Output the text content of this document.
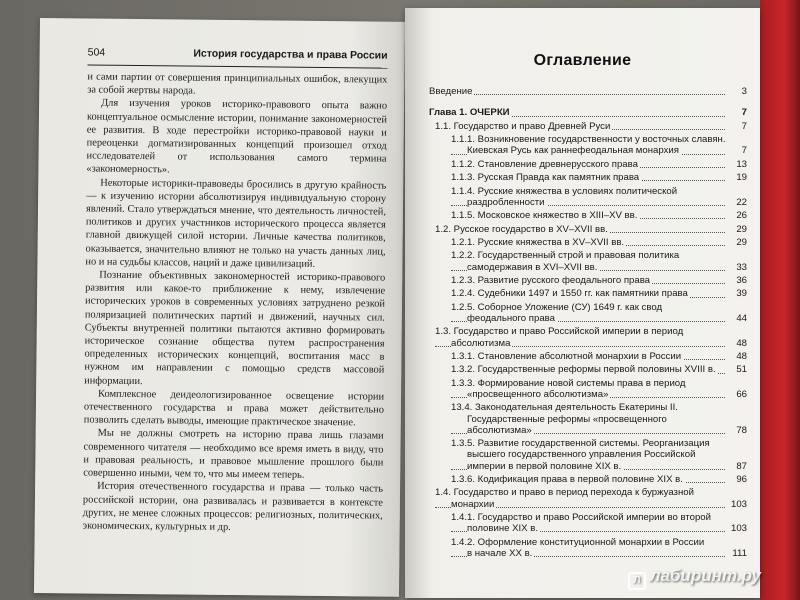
504	История государства и права России

и сами партии от совершения принципиальных ошибок, влекущих за собой жертвы народа.

Для изучения уроков историко-правового опыта важно концептуальное осмысление истории, понимание закономерностей ее развития. В ходе перестройки историко-правовой науки и переоценки догматизированных концепций произошел отход исследователей от использования самого термина «закономерность».

Некоторые историки-правоведы бросились в другую крайность — к изучению истории абсолютизируя индивидуальную сторону явлений. Стало утверждаться мнение, что деятельность личностей, политиков и других участников исторического процесса является главной движущей силой истории. Личные качества политиков, оказывается, значительно влияют не только на участь данных лиц, но и на судьбы классов, наций и даже цивилизаций.

Познание объективных закономерностей историко-правового развития или какое-то приближение к нему, извлечение исторических уроков в современных условиях затруднено резкой поляризацией политических партий и движений, научных сил. Субъекты внутренней политики пытаются активно формировать историческое сознание общества путем распространения определенных исторических концепций, воспитания масс в нужном им направлении с помощью средств массовой информации.

Комплексное деидеологизированное освещение истории отечественного государства и права может действительно позволить сделать выводы, имеющие практическое значение.

Мы не должны смотреть на историю права лишь глазами современного читателя — необходимо все время иметь в виду, что и правовая реальность, и правовое мышление прошлого были совершенно иными, чем то, что мы имеем теперь.

История отечественного государства и права — только часть российской истории, она развивалась и развивается в контексте других, не менее сложных процессов: религиозных, политических, экономических, культурных и др.

Оглавление
Введение	3
Глава 1. ОЧЕРКИ	7
1.1. Государство и право Древней Руси	7
1.1.1. Возникновение государственности у восточных славян.
Киевская Русь как раннефеодальная монархия	7
1.1.2. Становление древнерусского права	13
1.1.3. Русская Правда как памятник права	19
1.1.4. Русские княжества в условиях политической
раздробленности	22
1.1.5. Московское княжество в XIII–XV вв.	26
1.2. Русское государство в XV–XVII вв.	29
1.2.1. Русские княжества в XV–XVII вв.	29
1.2.2. Государственный строй и правовая политика
самодержавия в XVI–XVII вв.	33
1.2.3. Развитие русского феодального права	36
1.2.4. Судебники 1497 и 1550 гг. как памятники права	39
1.2.5. Соборное Уложение (СУ) 1649 г. как свод
феодального права	44
1.3. Государство и право Российской империи в период
абсолютизма	48
1.3.1. Становление абсолютной монархии в России	48
1.3.2. Государственные реформы первой половины XVIII в. 51
1.3.3. Формирование новой системы права в период
«просвещенного абсолютизма»	66
13.4. Законодательная деятельность Екатерины II.
Государственные реформы «просвещенного
абсолютизма»	78
1.3.5. Развитие государственной системы. Реорганизация
высшего государственного управления Российской
империи в первой половине XIX в.	87
1.3.6. Кодификация права в первой половине XIX в.	96
1.4. Государство и право в период перехода к буржуазной
монархии	103
1.4.1. Государство и право Российской империи во второй
половине XIX в.	103
1.4.2. Оформление конституционной монархии в России
в начале XX в.	111
Л лабиринт.ру
